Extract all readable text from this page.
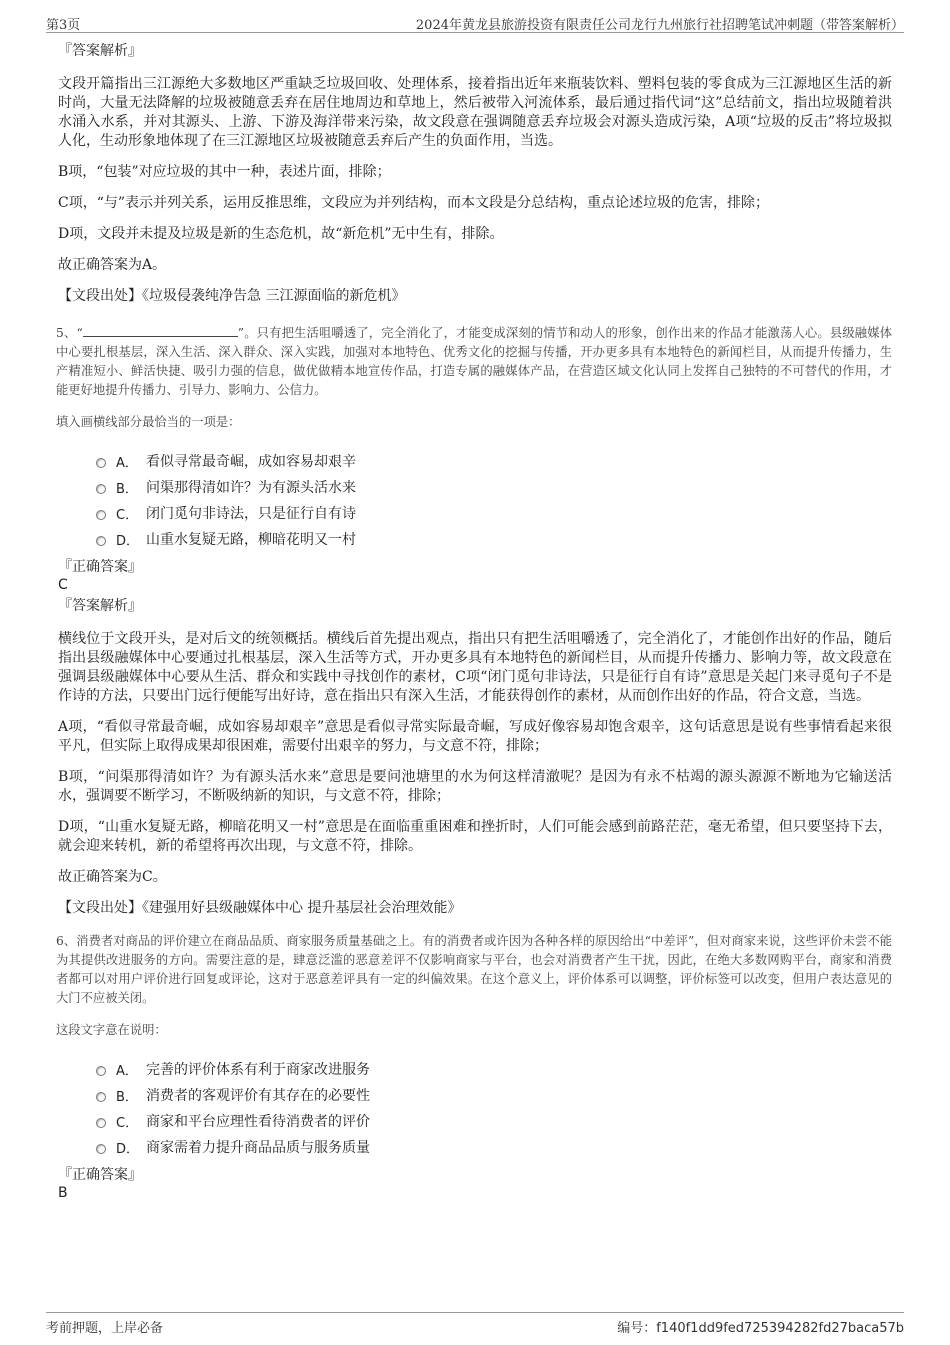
第3页	2024年黄龙县旅游投资有限责任公司龙行九州旅行社招聘笔试冲刺题（带答案解析）
『答案解析』

文段开篇指出三江源绝大多数地区严重缺乏垃圾回收、处理体系，接着指出近年来瓶装饮料、塑料包装的零食成为三江源地区生活的新时尚，大量无法降解的垃圾被随意丢弃在居住地周边和草地上，然后被带入河流体系，最后通过指代词“这”总结前文，指出垃圾随着洪水涌入水系，并对其源头、上游、下游及海洋带来污染，故文段意在强调随意丢弃垃圾会对源头造成污染，A项“垃圾的反击”将垃圾拟人化，生动形象地体现了在三江源地区垃圾被随意丢弃后产生的负面作用，当选。

B项，“包装”对应垃圾的其中一种，表述片面，排除；

C项，“与”表示并列关系，运用反推思维，文段应为并列结构，而本文段是分总结构，重点论述垃圾的危害，排除；

D项，文段并未提及垃圾是新的生态危机，故“新危机”无中生有，排除。

故正确答案为A。

【文段出处】《垃圾侵袭纯净告急 三江源面临的新危机》

5、“	”。只有把生活咀嚼透了，完全消化了，才能变成深刻的情节和动人的形象，创作出来的作品才能激荡人心。县级融媒体中心要扎根基层，深入生活、深入群众、深入实践，加强对本地特色、优秀文化的挖掘与传播，开办更多具有本地特色的新闻栏目，从而提升传播力，生产精准短小、鲜活快捷、吸引力强的信息，做优做精本地宣传作品，打造专属的融媒体产品，在营造区域文化认同上发挥自己独特的不可替代的作用，才能更好地提升传播力、引导力、影响力、公信力。

填入画横线部分最恰当的一项是：
A． 看似寻常最奇崛，成如容易却艰辛
B． 问渠那得清如许？为有源头活水来
C． 闭门觅句非诗法，只是征行自有诗
D． 山重水复疑无路，柳暗花明又一村
『正确答案』
C
『答案解析』

横线位于文段开头，是对后文的统领概括。横线后首先提出观点，指出只有把生活咀嚼透了，完全消化了，才能创作出好的作品，随后指出县级融媒体中心要通过扎根基层，深入生活等方式，开办更多具有本地特色的新闻栏目，从而提升传播力、影响力等，故文段意在强调县级融媒体中心要从生活、群众和实践中寻找创作的素材，C项“闭门觅句非诗法，只是征行自有诗”意思是关起门来寻觅句子不是作诗的方法，只要出门远行便能写出好诗，意在指出只有深入生活，才能获得创作的素材，从而创作出好的作品，符合文意，当选。

A项，“看似寻常最奇崛，成如容易却艰辛”意思是看似寻常实际最奇崛，写成好像容易却饱含艰辛，这句话意思是说有些事情看起来很平凡，但实际上取得成果却很困难，需要付出艰辛的努力，与文意不符，排除；

B项，“问渠那得清如许？为有源头活水来”意思是要问池塘里的水为何这样清澈呢？是因为有永不枯竭的源头源源不断地为它输送活水，强调要不断学习，不断吸纳新的知识，与文意不符，排除；

D项，“山重水复疑无路，柳暗花明又一村”意思是在面临重重困难和挫折时，人们可能会感到前路茫茫，毫无希望，但只要坚持下去，就会迎来转机，新的希望将再次出现，与文意不符，排除。

故正确答案为C。

【文段出处】《建强用好县级融媒体中心 提升基层社会治理效能》

6、消费者对商品的评价建立在商品品质、商家服务质量基础之上。有的消费者或许因为各种各样的原因给出“中差评”，但对商家来说，这些评价未尝不能为其提供改进服务的方向。需要注意的是，肆意泛滥的恶意差评不仅影响商家与平台，也会对消费者产生干扰，因此，在绝大多数网购平台，商家和消费者都可以对用户评价进行回复或评论，这对于恶意差评具有一定的纠偏效果。在这个意义上，评价体系可以调整，评价标签可以改变，但用户表达意见的大门不应被关闭。

这段文字意在说明：
A． 完善的评价体系有利于商家改进服务
B． 消费者的客观评价有其存在的必要性
C． 商家和平台应理性看待消费者的评价
D． 商家需着力提升商品品质与服务质量
『正确答案』
B
考前押题，上岸必备	编号：f140f1dd9fed725394282fd27baca57b
